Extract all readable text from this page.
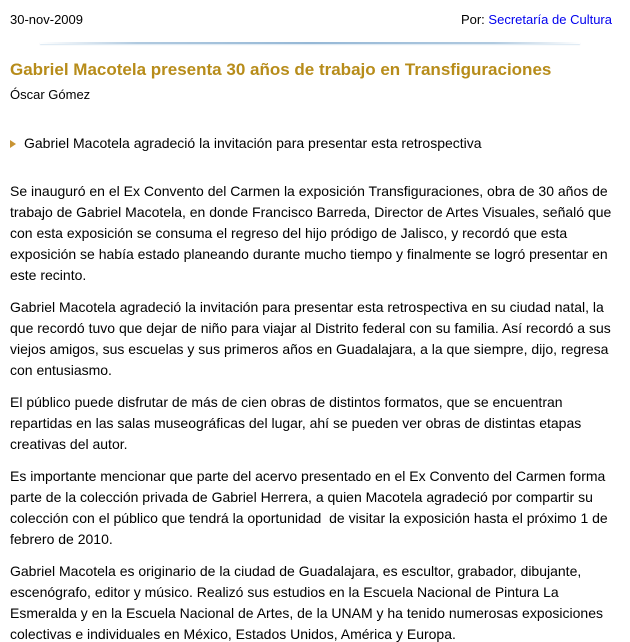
30-nov-2009	Por: Secretaría de Cultura
Gabriel Macotela presenta 30 años de trabajo en Transfiguraciones
Óscar Gómez
Gabriel Macotela agradeció la invitación para presentar esta retrospectiva

Se inauguró en el Ex Convento del Carmen la exposición Transfiguraciones, obra de 30 años de trabajo de Gabriel Macotela, en donde Francisco Barreda, Director de Artes Visuales, señaló que con esta exposición se consuma el regreso del hijo pródigo de Jalisco, y recordó que esta exposición se había estado planeando durante mucho tiempo y finalmente se logró presentar en este recinto.

Gabriel Macotela agradeció la invitación para presentar esta retrospectiva en su ciudad natal, la que recordó tuvo que dejar de niño para viajar al Distrito federal con su familia. Así recordó a sus viejos amigos, sus escuelas y sus primeros años en Guadalajara, a la que siempre, dijo, regresa con entusiasmo.

El público puede disfrutar de más de cien obras de distintos formatos, que se encuentran repartidas en las salas museográficas del lugar, ahí se pueden ver obras de distintas etapas creativas del autor.

Es importante mencionar que parte del acervo presentado en el Ex Convento del Carmen forma parte de la colección privada de Gabriel Herrera, a quien Macotela agradeció por compartir su colección con el público que tendrá la oportunidad  de visitar la exposición hasta el próximo 1 de febrero de 2010.

Gabriel Macotela es originario de la ciudad de Guadalajara, es escultor, grabador, dibujante, escenógrafo, editor y músico. Realizó sus estudios en la Escuela Nacional de Pintura La Esmeralda y en la Escuela Nacional de Artes, de la UNAM y ha tenido numerosas exposiciones colectivas e individuales en México, Estados Unidos, América y Europa.
